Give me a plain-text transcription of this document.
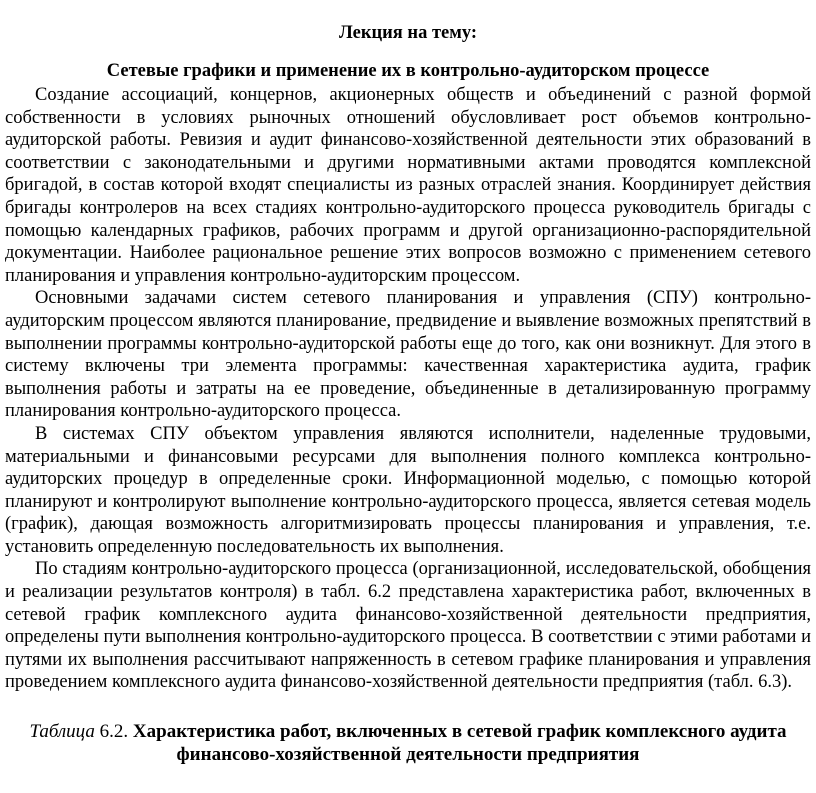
Лекция на тему:
Сетевые графики и применение их в контрольно-аудиторском процессе

Создание ассоциаций, концернов, акционерных обществ и объединений с разной формой собственности в условиях рыночных отношений обусловливает рост объемов контрольно-аудиторской работы. Ревизия и аудит финансово-хозяйственной деятельности этих образований в соответствии с законодательными и другими нормативными актами проводятся комплексной бригадой, в состав которой входят специалисты из разных отраслей знания. Координирует действия бригады контролеров на всех стадиях контрольно-аудиторского процесса руководитель бригады с помощью календарных графиков, рабочих программ и другой организационно-распорядительной документации. Наиболее рациональное решение этих вопросов возможно с применением сетевого планирования и управления контрольно-аудиторским процессом.

Основными задачами систем сетевого планирования и управления (СПУ) контрольно-аудиторским процессом являются планирование, предвидение и выявление возможных препятствий в выполнении программы контрольно-аудиторской работы еще до того, как они возникнут. Для этого в систему включены три элемента программы: качественная характеристика аудита, график выполнения работы и затраты на ее проведение, объединенные в детализированную программу планирования контрольно-аудиторского процесса.

В системах СПУ объектом управления являются исполнители, наделенные трудовыми, материальными и финансовыми ресурсами для выполнения полного комплекса контрольно-аудиторских процедур в определенные сроки. Информационной моделью, с помощью которой планируют и контролируют выполнение контрольно-аудиторского процесса, является сетевая модель (график), дающая возможность алгоритмизировать процессы планирования и управления, т.е. установить определенную последовательность их выполнения.

По стадиям контрольно-аудиторского процесса (организационной, исследовательской, обобщения и реализации результатов контроля) в табл. 6.2 представлена характеристика работ, включенных в сетевой график комплексного аудита финансово-хозяйственной деятельности предприятия, определены пути выполнения контрольно-аудиторского процесса. В соответствии с этими работами и путями их выполнения рассчитывают напряженность в сетевом графике планирования и управления проведением комплексного аудита финансово-хозяйственной деятельности предприятия (табл. 6.3).

Таблица 6.2. Характеристика работ, включенных в сетевой график комплексного аудита финансово-хозяйственной деятельности предприятия
